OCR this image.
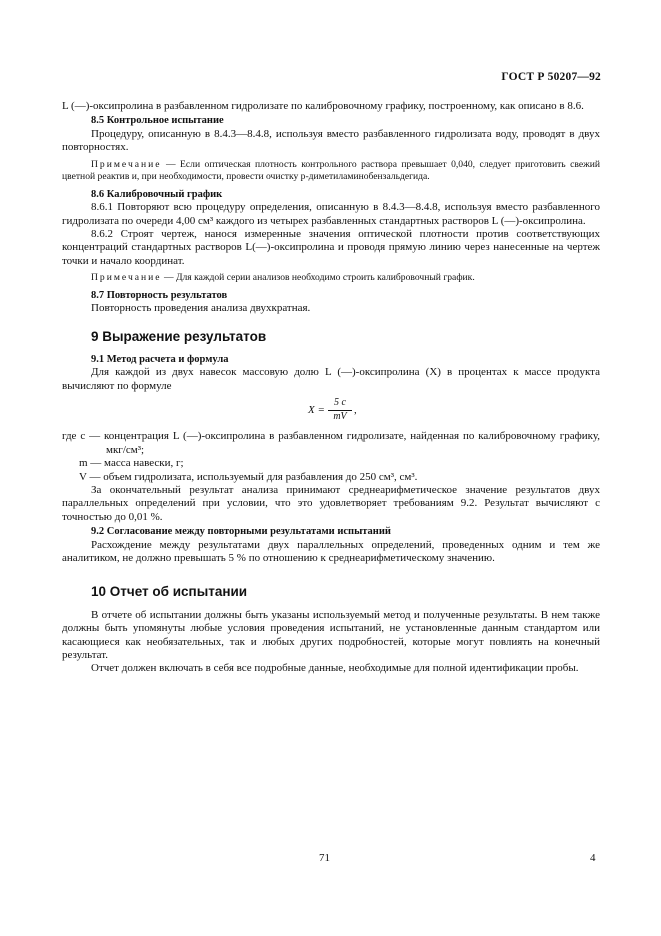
ГОСТ Р 50207—92

L (—)-оксипролина в разбавленном гидролизате по калибровочному графику, построенному, как описано в 8.6.

8.5 Контрольное испытание

Процедуру, описанную в 8.4.3—8.4.8, используя вместо разбавленного гидролизата воду, проводят в двух повторностях.

Примечание — Если оптическая плотность контрольного раствора превышает 0,040, следует приготовить свежий цветной реактив и, при необходимости, провести очистку p-диметиламинобензальдегида.

8.6 Калибровочный график

8.6.1 Повторяют всю процедуру определения, описанную в 8.4.3—8.4.8, используя вместо разбавленного гидролизата по очереди 4,00 см³ каждого из четырех разбавленных стандартных растворов L (—)-оксипролина.

8.6.2 Строят чертеж, нанося измеренные значения оптической плотности против соответствующих концентраций стандартных растворов L(—)-оксипролина и проводя прямую линию через нанесенные на чертеж точки и начало координат.

Примечание — Для каждой серии анализов необходимо строить калибровочный график.

8.7 Повторность результатов

Повторность проведения анализа двухкратная.

9 Выражение результатов
9.1 Метод расчета и формула

Для каждой из двух навесок массовую долю L (—)-оксипролина (X) в процентах к массе продукта вычисляют по формуле

$X = \frac{5 c}{mV}$ ,

где c — концентрация L (—)-оксипролина в разбавленном гидролизате, найденная по калибровочному графику, мкг/см³;

m — масса навески, г;

V — объем гидролизата, используемый для разбавления до 250 см³, см³.

За окончательный результат анализа принимают среднеарифметическое значение результатов двух параллельных определений при условии, что это удовлетворяет требованиям 9.2. Результат вычисляют с точностью до 0,01 %.

9.2 Согласование между повторными результатами испытаний

Расхождение между результатами двух параллельных определений, проведенных одним и тем же аналитиком, не должно превышать 5 % по отношению к среднеарифметическому значению.

10 Отчет об испытании

В отчете об испытании должны быть указаны используемый метод и полученные результаты. В нем также должны быть упомянуты любые условия проведения испытаний, не установленные данным стандартом или касающиеся как необязательных, так и любых других подробностей, которые могут повлиять на конечный результат.

Отчет должен включать в себя все подробные данные, необходимые для полной идентификации пробы.

71	4
